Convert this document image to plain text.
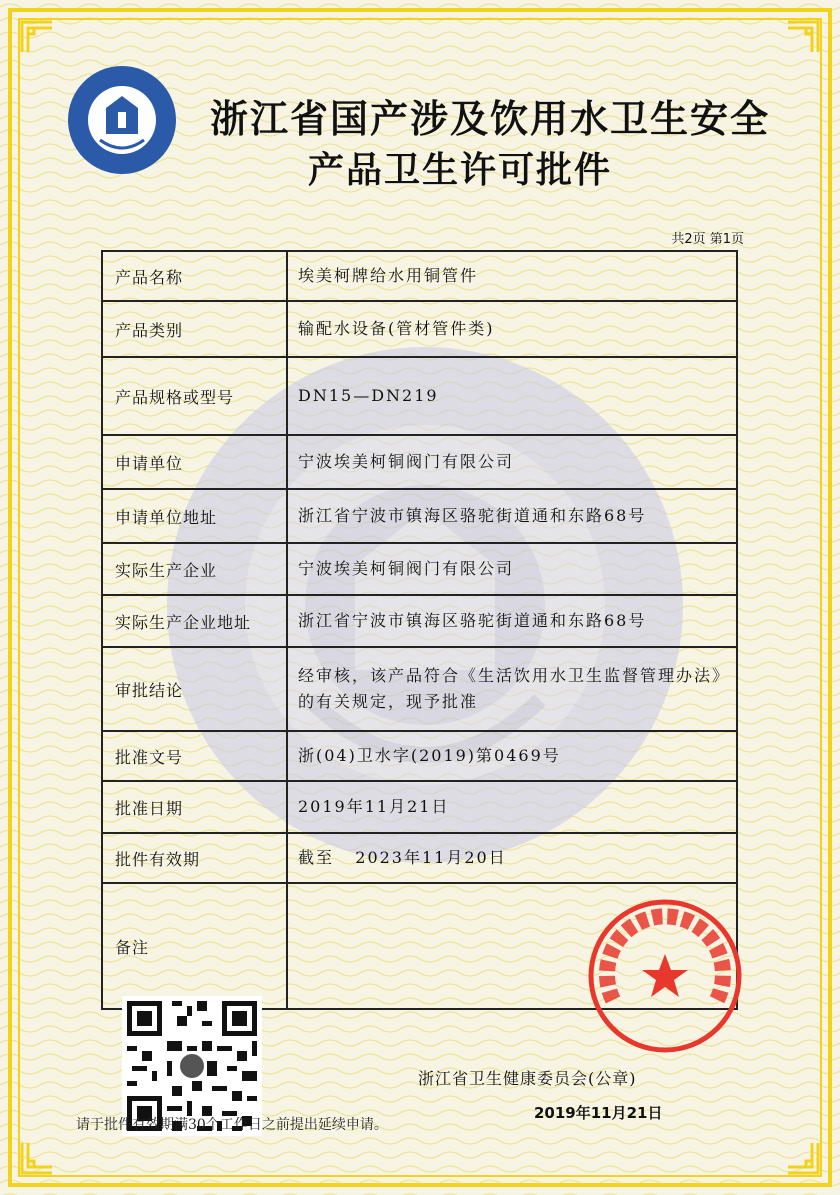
浙江省国产涉及饮用水卫生安全
产品卫生许可批件
共2页 第1页
产品名称	埃美柯牌给水用铜管件
产品类别	输配水设备(管材管件类)
产品规格或型号	DN15—DN219
申请单位	宁波埃美柯铜阀门有限公司
申请单位地址	浙江省宁波市镇海区骆驼街道通和东路68号
实际生产企业	宁波埃美柯铜阀门有限公司
实际生产企业地址	浙江省宁波市镇海区骆驼街道通和东路68号
审批结论	经审核，该产品符合《生活饮用水卫生监督管理办法》的有关规定，现予批准
批准文号	浙(04)卫水字(2019)第0469号
批准日期	2019年11月21日
批件有效期	截至   2023年11月20日
备注	
浙江省卫生健康委员会(公章)
2019年11月21日
请于批件有效期满30个工作日之前提出延续申请。
